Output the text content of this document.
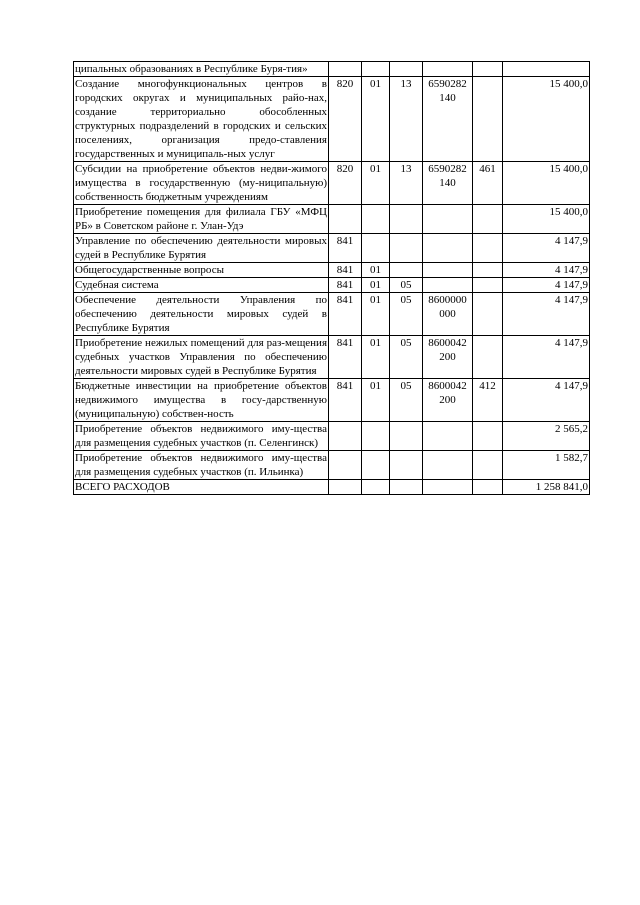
ципальных образованиях в Республике Буря-тия»						
Создание многофункциональных центров в городских округах и муниципальных райо-нах, создание территориально обособленных структурных подразделений в городских и сельских поселениях, организация предо-ставления государственных и муниципаль-ных услуг	820	01	13	6590282 140		15 400,0
Субсидии на приобретение объектов недви-жимого имущества в государственную (му-ниципальную) собственность бюджетным учреждениям	820	01	13	6590282 140	461	15 400,0
Приобретение помещения для филиала ГБУ «МФЦ РБ» в Советском районе г. Улан-Удэ						15 400,0
Управление по обеспечению деятельности мировых судей в Республике Бурятия	841					4 147,9
Общегосударственные вопросы	841	01				4 147,9
Судебная система	841	01	05			4 147,9
Обеспечение деятельности Управления по обеспечению деятельности мировых судей в Республике Бурятия	841	01	05	8600000 000		4 147,9
Приобретение нежилых помещений для раз-мещения судебных участков Управления по обеспечению деятельности мировых судей в Республике Бурятия	841	01	05	8600042 200		4 147,9
Бюджетные инвестиции на приобретение объектов недвижимого имущества в госу-дарственную (муниципальную) собствен-ность	841	01	05	8600042 200	412	4 147,9
Приобретение объектов недвижимого иму-щества для размещения судебных участков (п. Селенгинск)						2 565,2
Приобретение объектов недвижимого иму-щества для размещения судебных участков (п. Ильинка)						1 582,7
ВСЕГО РАСХОДОВ						1 258 841,0
